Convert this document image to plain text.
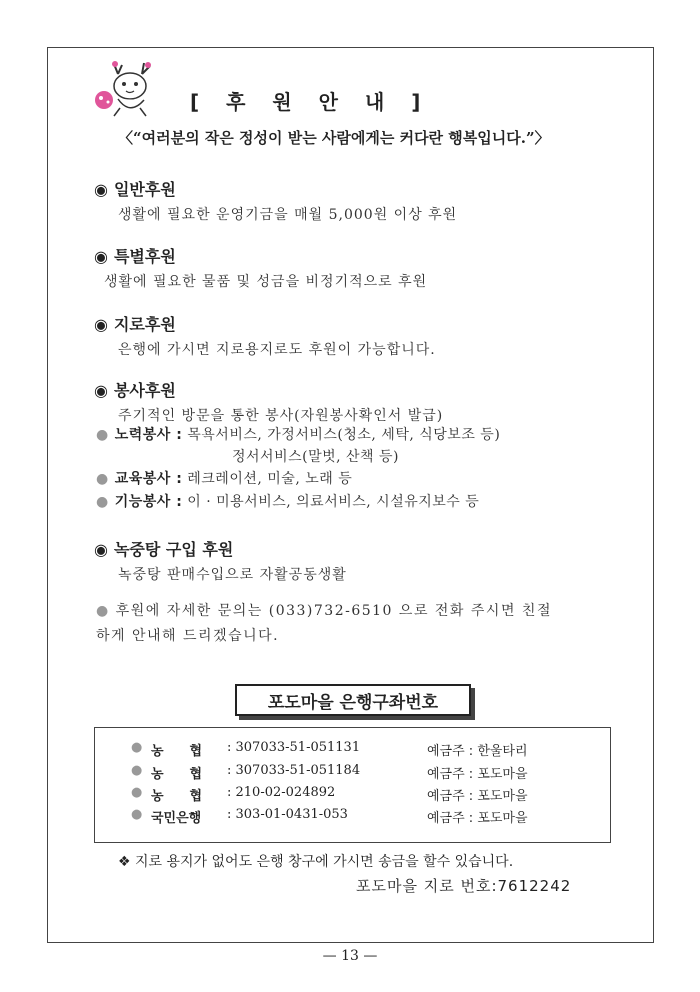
[ 후 원 안 내 ]
〈“여러분의 작은 정성이 받는 사람에게는 커다란 행복입니다.”〉
◉ 일반후원
생활에 필요한 운영기금을 매월 5,000원 이상 후원
◉ 특별후원
생활에 필요한 물품 및 성금을 비정기적으로 후원
◉ 지로후원
은행에 가시면 지로용지로도 후원이 가능합니다.
◉ 봉사후원
주기적인 방문을 통한 봉사(자원봉사확인서 발급)
● 노력봉사 : 목욕서비스, 가정서비스(청소, 세탁, 식당보조 등)
정서서비스(말벗, 산책 등)
● 교육봉사 : 레크레이션, 미술, 노래 등
● 기능봉사 : 이 · 미용서비스, 의료서비스, 시설유지보수 등
◉ 녹중탕 구입 후원
녹중탕 판매수입으로 자활공동생활
● 후원에 자세한 문의는 (033)732-6510 으로 전화 주시면 친절
하게 안내해 드리겠습니다.
포도마을 은행구좌번호
● 농　　협	: 307033-51-051131	예금주 : 한울타리
● 농　　협	: 307033-51-051184	예금주 : 포도마을
● 농　　협	: 210-02-024892	예금주 : 포도마을
● 국민은행	: 303-01-0431-053	예금주 : 포도마을
❖ 지로 용지가 없어도 은행 창구에 가시면 송금을 할수 있습니다.
포도마을 지로 번호:7612242
— 13 —
